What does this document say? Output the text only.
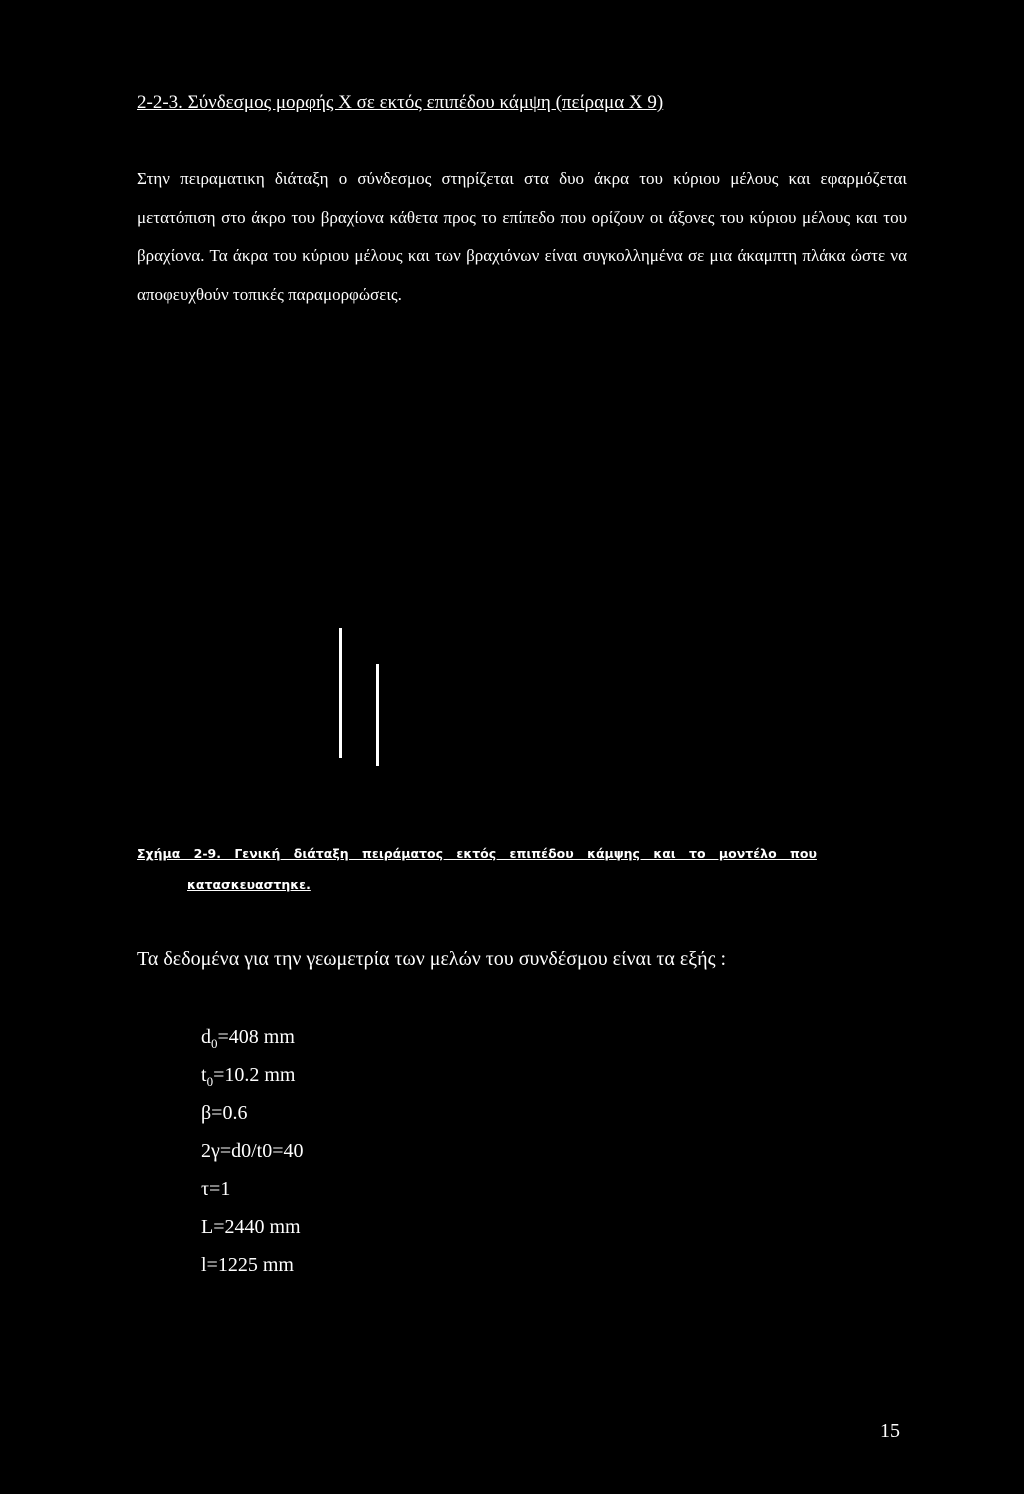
2-2-3. Σύνδεσμος μορφής Χ σε εκτός επιπέδου κάμψη (πείραμα Χ 9)
Στην πειραματικη διάταξη ο σύνδεσμος στηρίζεται στα δυο άκρα του κύριου μέλους και εφαρμόζεται μετατόπιση στο άκρο του βραχίονα κάθετα προς το επίπεδο που ορίζουν οι άξονες του κύριου μέλους και του βραχίονα. Τα άκρα του κύριου μέλους και των βραχιόνων είναι συγκολλημένα σε μια άκαμπτη πλάκα ώστε να αποφευχθούν τοπικές παραμορφώσεις.
Σχήμα 2-9. Γενική διάταξη πειράματος εκτός επιπέδου κάμψης και το μοντέλο που
κατασκευαστηκε.
Τα δεδομένα για την γεωμετρία των μελών του συνδέσμου είναι τα εξής :
$d_0=408$ mm
$t_0=10.2$ mm
β=0.6
2γ=d0/t0=40
τ=1
L=2440 mm
l=1225 mm
15
